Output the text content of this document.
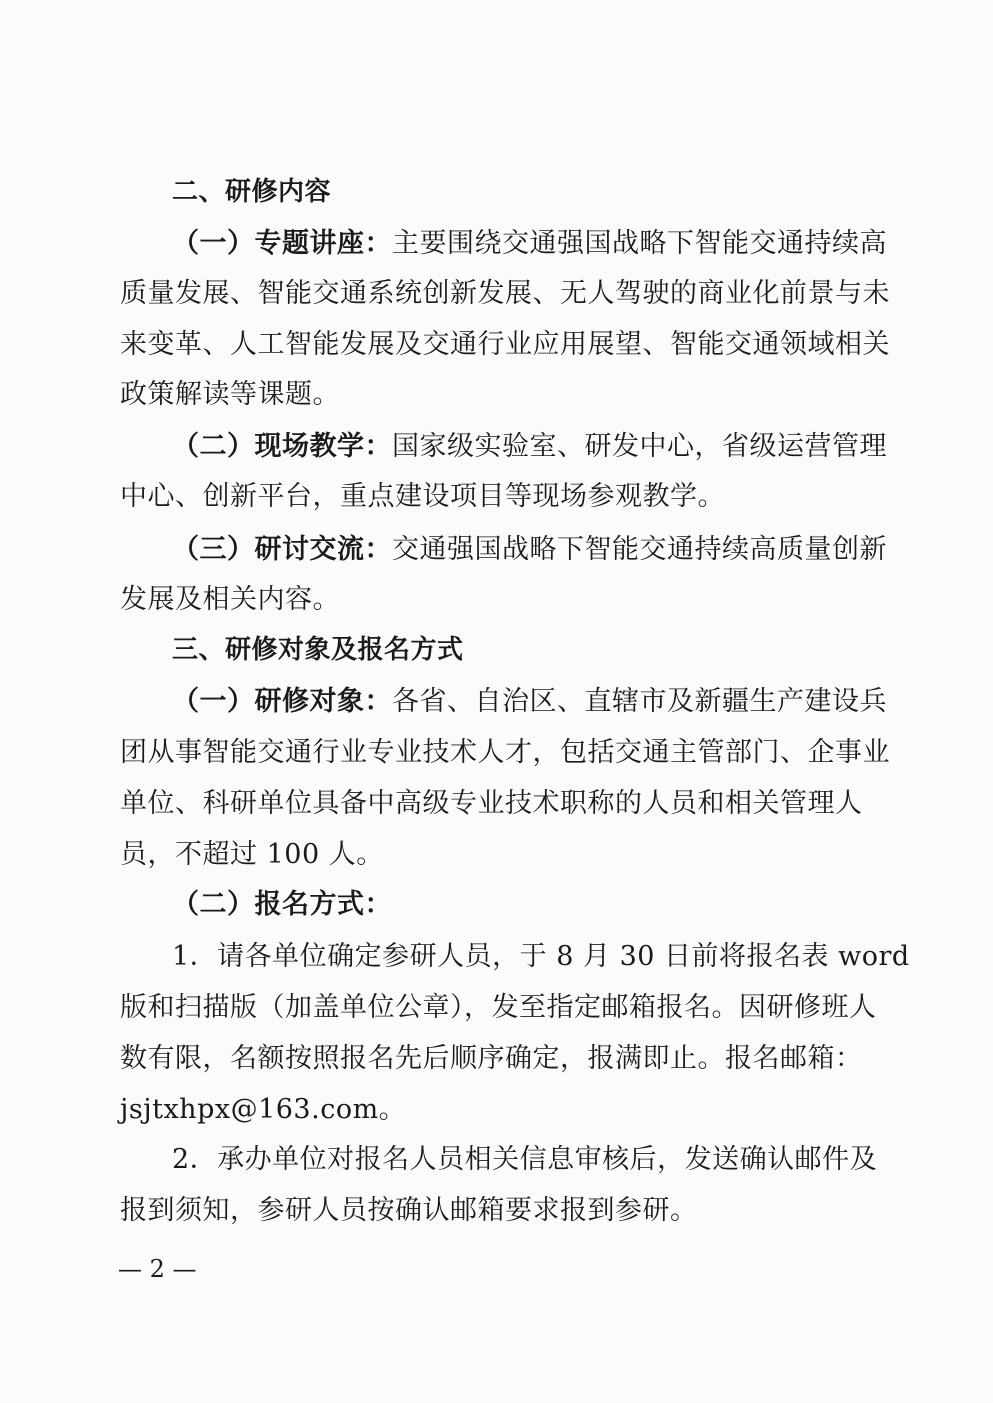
二、研修内容
（一）专题讲座：主要围绕交通强国战略下智能交通持续高
质量发展、智能交通系统创新发展、无人驾驶的商业化前景与未
来变革、人工智能发展及交通行业应用展望、智能交通领域相关
政策解读等课题。
（二）现场教学：国家级实验室、研发中心，省级运营管理
中心、创新平台，重点建设项目等现场参观教学。
（三）研讨交流：交通强国战略下智能交通持续高质量创新
发展及相关内容。
三、研修对象及报名方式
（一）研修对象：各省、自治区、直辖市及新疆生产建设兵
团从事智能交通行业专业技术人才，包括交通主管部门、企事业
单位、科研单位具备中高级专业技术职称的人员和相关管理人
员，不超过 100 人。
（二）报名方式：
1．请各单位确定参研人员，于 8 月 30 日前将报名表 word
版和扫描版（加盖单位公章），发至指定邮箱报名。因研修班人
数有限，名额按照报名先后顺序确定，报满即止。报名邮箱：
jsjtxhpx@163.com。
2．承办单位对报名人员相关信息审核后，发送确认邮件及
报到须知，参研人员按确认邮箱要求报到参研。
— 2 —
